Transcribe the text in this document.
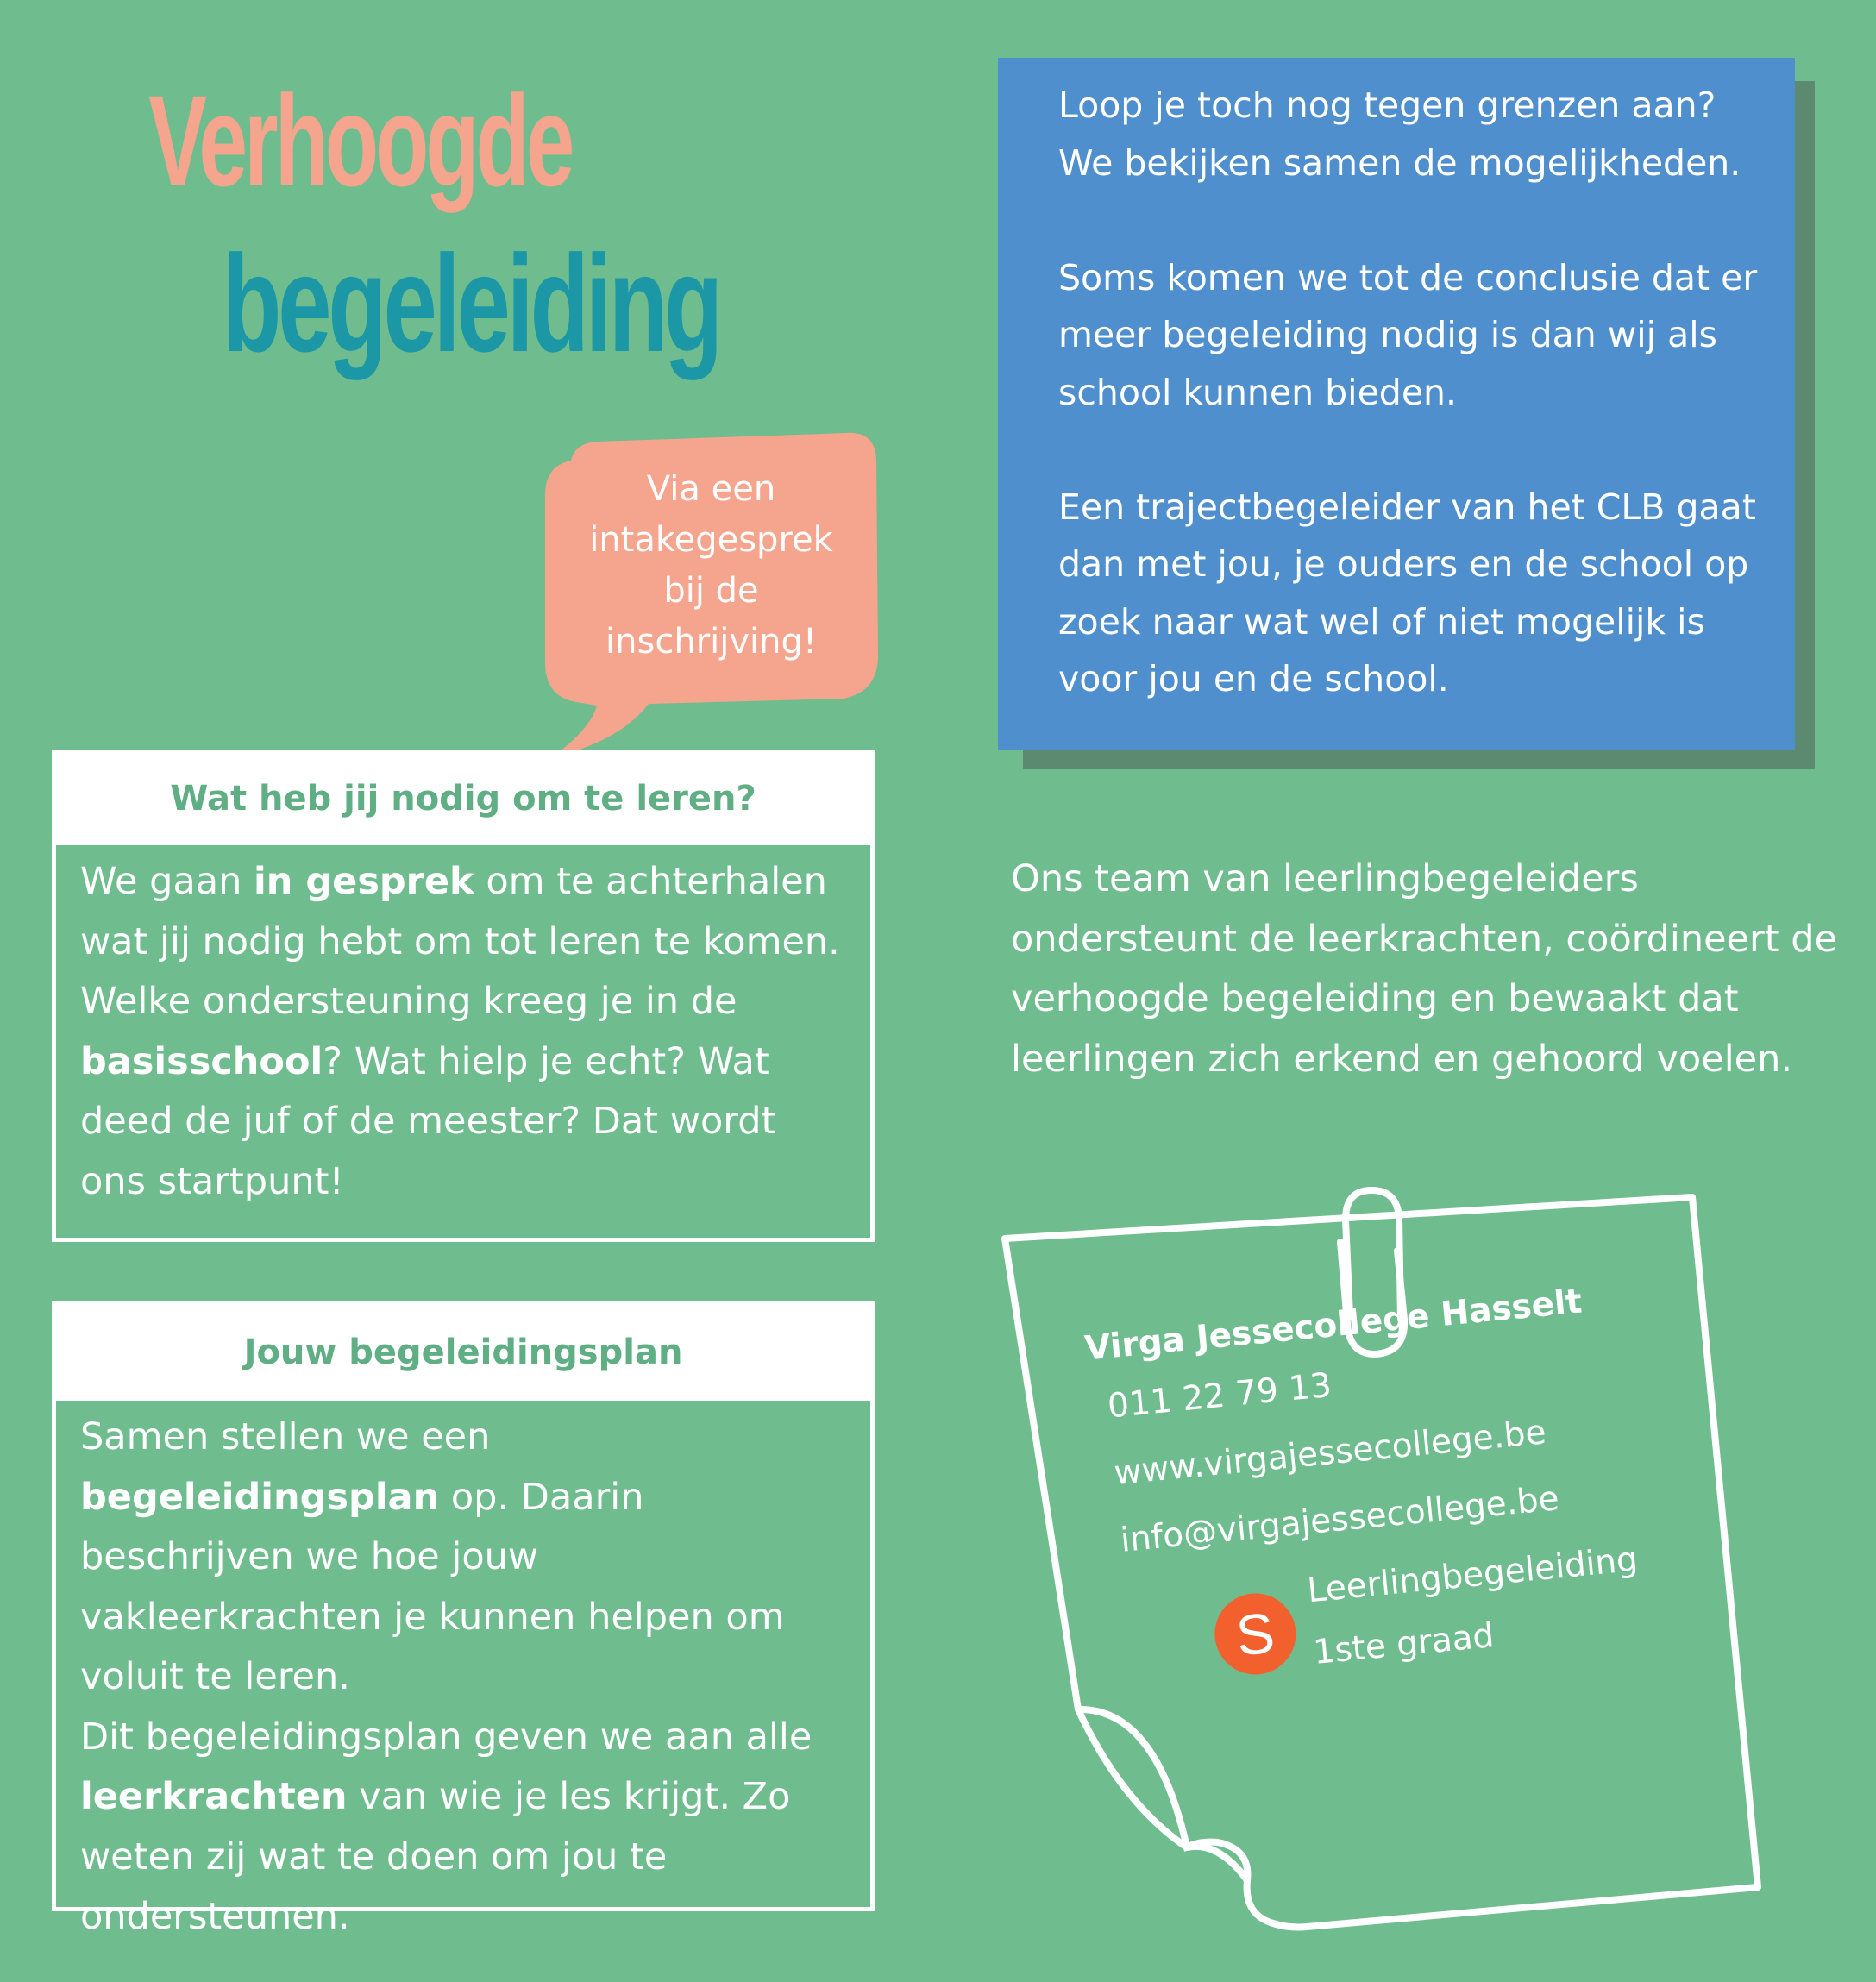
Verhoogde
begeleiding
Via een
intakegesprek
bij de
inschrijving!
Wat heb jij nodig om te leren?
We gaan in gesprek om te achterhalen wat jij nodig hebt om tot leren te komen. Welke ondersteuning kreeg je in de basisschool? Wat hielp je echt? Wat deed de juf of de meester? Dat wordt ons startpunt!
Jouw begeleidingsplan
Samen stellen we een begeleidingsplan op. Daarin beschrijven we hoe jouw vakleerkrachten je kunnen helpen om voluit te leren.
Dit begeleidingsplan geven we aan alle leerkrachten van wie je les krijgt. Zo weten zij wat te doen om jou te ondersteunen.

Loop je toch nog tegen grenzen aan? We bekijken samen de mogelijkheden.

Soms komen we tot de conclusie dat er meer begeleiding nodig is dan wij als school kunnen bieden.

Een trajectbegeleider van het CLB gaat dan met jou, je ouders en de school op zoek naar wat wel of niet mogelijk is voor jou en de school.

Ons team van leerlingbegeleiders ondersteunt de leerkrachten, coördineert de verhoogde begeleiding en bewaakt dat leerlingen zich erkend en gehoord voelen.
Virga Jessecollege Hasselt
011 22 79 13
www.virgajessecollege.be
info@virgajessecollege.be
S
Leerlingbegeleiding
1ste graad
